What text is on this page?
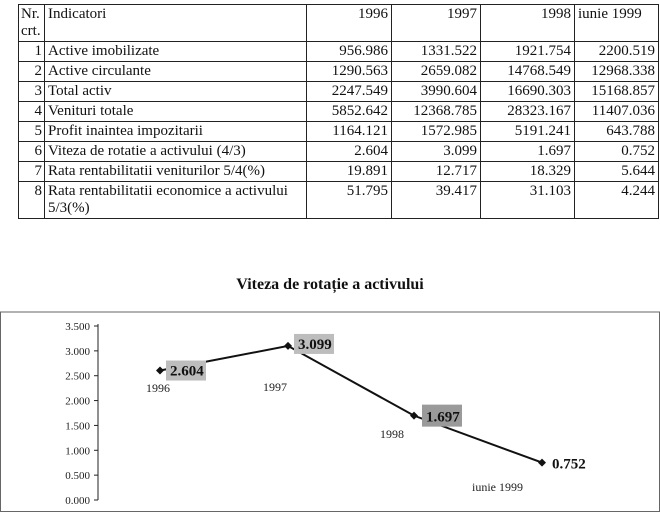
Nr. crt.	Indicatori	1996	1997	1998	iunie 1999
1	Active imobilizate	956.986	1331.522	1921.754	2200.519
2	Active circulante	1290.563	2659.082	14768.549	12968.338
3	Total activ	2247.549	3990.604	16690.303	15168.857
4	Venituri totale	5852.642	12368.785	28323.167	11407.036
5	Profit inaintea impozitarii	1164.121	1572.985	5191.241	643.788
6	Viteza de rotatie a activului (4/3)	2.604	3.099	1.697	0.752
7	Rata rentabilitatii veniturilor 5/4(%)	19.891	12.717	18.329	5.644
8	Rata rentabilitatii economice a activului 5/3(%)	51.795	39.417	31.103	4.244
Viteza de rotație a activului
0.000
0.500
1.000
1.500
2.000
2.500
3.000
3.500
2.604
3.099
1.697
0.752
1996	1997
1998
iunie 1999
